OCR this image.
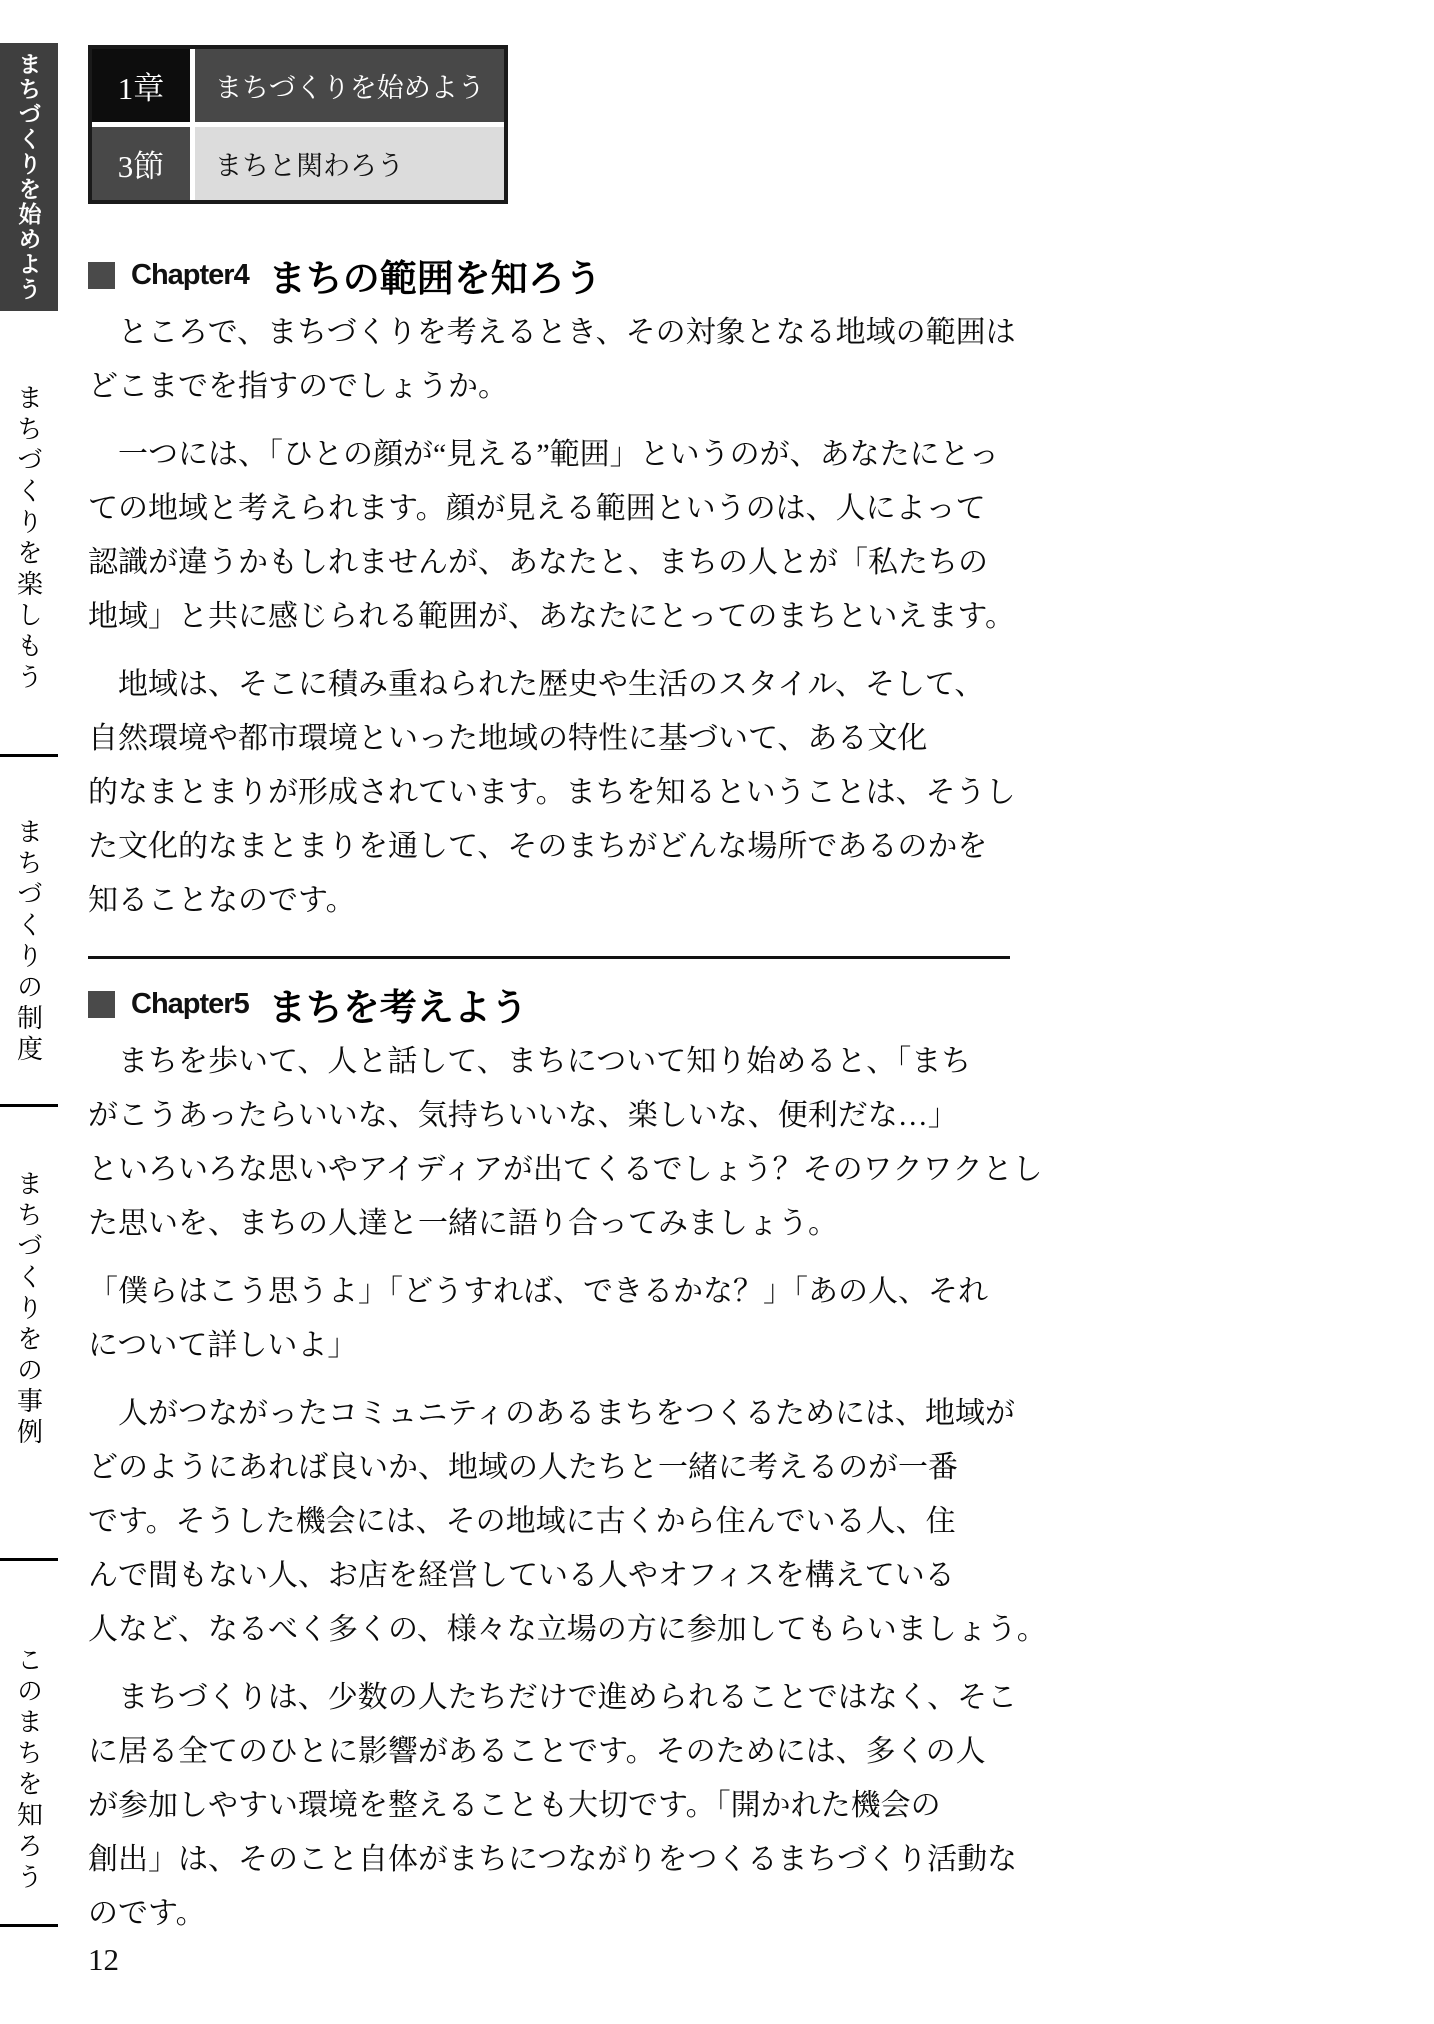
まちづくりを始めよう
まちづくりを楽しもう
まちづくりの制度
まちづくりをの事例
このまちを知ろう
1章 まちづくりを始めよう
3節 まちと関わろう
Chapter4 まちの範囲を知ろう
　ところで、まちづくりを考えるとき、その対象となる地域の範囲は
どこまでを指すのでしょうか。
　一つには、「ひとの顔が“見える”範囲」というのが、あなたにとっ
ての地域と考えられます。顔が見える範囲というのは、人によって
認識が違うかもしれませんが、あなたと、まちの人とが「私たちの
地域」と共に感じられる範囲が、あなたにとってのまちといえます。
　地域は、そこに積み重ねられた歴史や生活のスタイル、そして、
自然環境や都市環境といった地域の特性に基づいて、ある文化
的なまとまりが形成されています。まちを知るということは、そうし
た文化的なまとまりを通して、そのまちがどんな場所であるのかを
知ることなのです。
Chapter5 まちを考えよう
　まちを歩いて、人と話して、まちについて知り始めると、「まち
がこうあったらいいな、気持ちいいな、楽しいな、便利だな…」
といろいろな思いやアイディアが出てくるでしょう？そのワクワクとし
た思いを、まちの人達と一緒に語り合ってみましょう。
「僕らはこう思うよ」「どうすれば、できるかな？」「あの人、それ
について詳しいよ」
　人がつながったコミュニティのあるまちをつくるためには、地域が
どのようにあれば良いか、地域の人たちと一緒に考えるのが一番
です。そうした機会には、その地域に古くから住んでいる人、住
んで間もない人、お店を経営している人やオフィスを構えている
人など、なるべく多くの、様々な立場の方に参加してもらいましょう。
　まちづくりは、少数の人たちだけで進められることではなく、そこ
に居る全てのひとに影響があることです。そのためには、多くの人
が参加しやすい環境を整えることも大切です。「開かれた機会の
創出」は、そのこと自体がまちにつながりをつくるまちづくり活動な
のです。
12
